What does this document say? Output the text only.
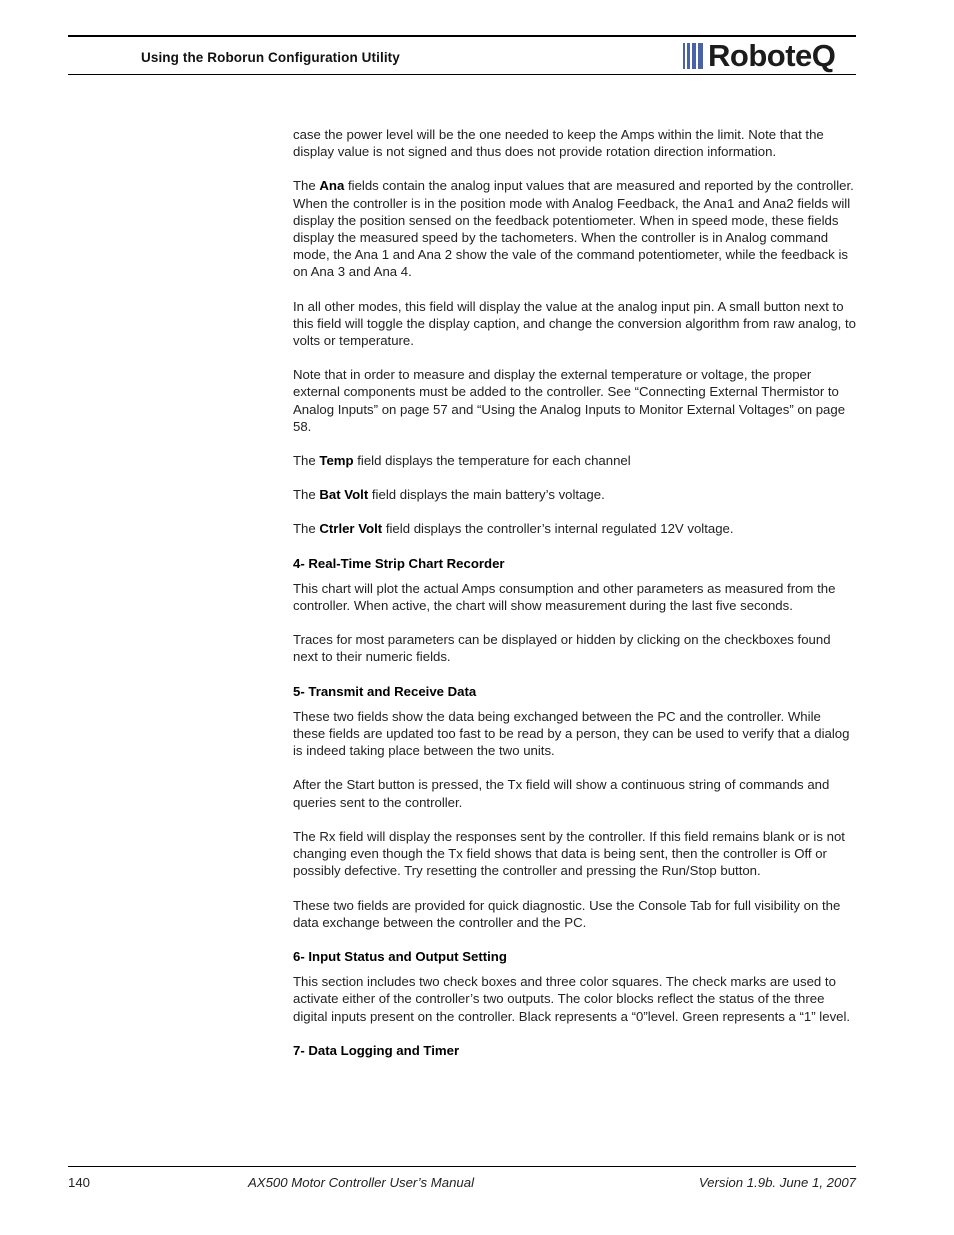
Using the Roborun Configuration Utility	RoboteQ

case the power level will be the one needed to keep the Amps within the limit. Note that the display value is not signed and thus does not provide rotation direction information.

The Ana fields contain the analog input values that are measured and reported by the controller. When the controller is in the position mode with Analog Feedback, the Ana1 and Ana2 fields will display the position sensed on the feedback potentiometer. When in speed mode, these fields display the measured speed by the tachometers. When the controller is in Analog command mode, the Ana 1 and Ana 2 show the vale of the command potentiometer, while the feedback is on Ana 3 and Ana 4.

In all other modes, this field will display the value at the analog input pin. A small button next to this field will toggle the display caption, and change the conversion algorithm from raw analog, to volts or temperature.

Note that in order to measure and display the external temperature or voltage, the proper external components must be added to the controller. See “Connecting External Thermistor to Analog Inputs” on page 57 and “Using the Analog Inputs to Monitor External Voltages” on page 58.

The Temp field displays the temperature for each channel

The Bat Volt field displays the main battery’s voltage.

The Ctrler Volt field displays the controller’s internal regulated 12V voltage.

4- Real-Time Strip Chart Recorder

This chart will plot the actual Amps consumption and other parameters as measured from the controller. When active, the chart will show measurement during the last five seconds.

Traces for most parameters can be displayed or hidden by clicking on the checkboxes found next to their numeric fields.

5- Transmit and Receive Data

These two fields show the data being exchanged between the PC and the controller. While these fields are updated too fast to be read by a person, they can be used to verify that a dialog is indeed taking place between the two units.

After the Start button is pressed, the Tx field will show a continuous string of commands and queries sent to the controller.

The Rx field will display the responses sent by the controller. If this field remains blank or is not changing even though the Tx field shows that data is being sent, then the controller is Off or possibly defective. Try resetting the controller and pressing the Run/Stop button.

These two fields are provided for quick diagnostic. Use the Console Tab for full visibility on the data exchange between the controller and the PC.

6- Input Status and Output Setting

This section includes two check boxes and three color squares. The check marks are used to activate either of the controller’s two outputs. The color blocks reflect the status of the three digital inputs present on the controller. Black represents a “0”level. Green represents a “1” level.

7- Data Logging and Timer
140	AX500 Motor Controller User’s Manual	Version 1.9b. June 1, 2007
